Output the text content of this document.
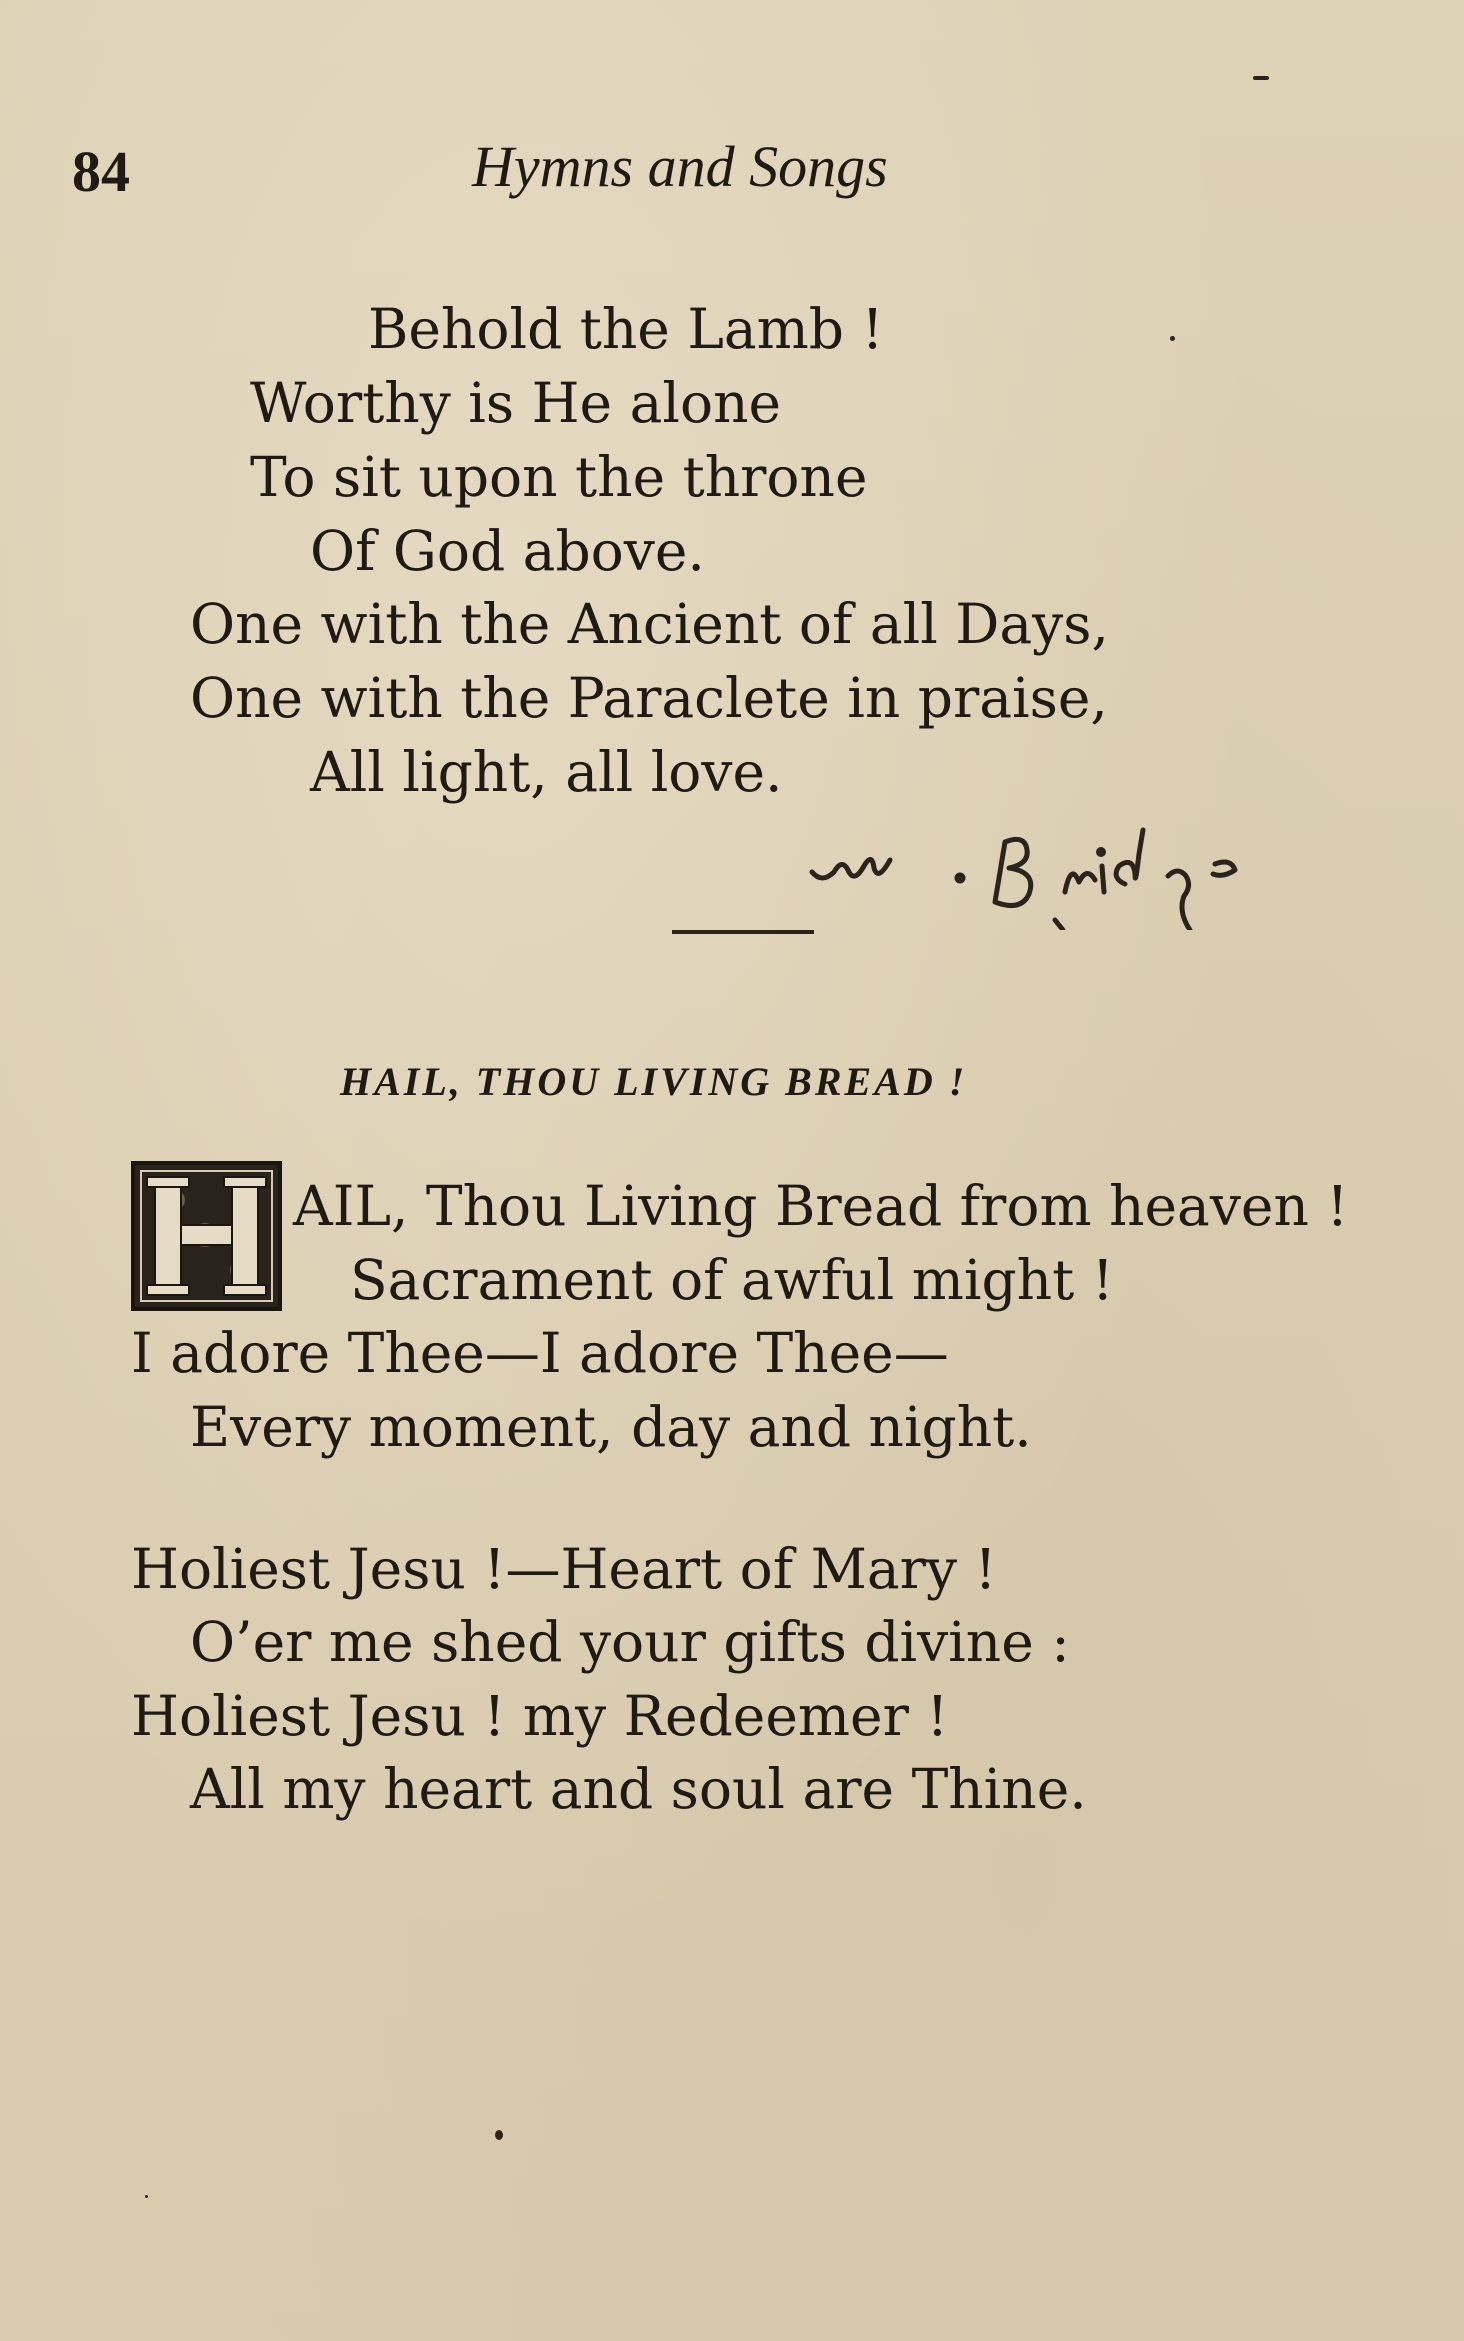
84	Hymns and Songs
Behold the Lamb !
Worthy is He alone
To sit upon the throne
Of God above.
One with the Ancient of all Days,
One with the Paraclete in praise,
All light, all love.
HAIL, THOU LIVING BREAD !
AIL, Thou Living Bread from heaven !
Sacrament of awful might !
I adore Thee—I adore Thee—
Every moment, day and night.
Holiest Jesu !—Heart of Mary !
O’er me shed your gifts divine :
Holiest Jesu ! my Redeemer !
All my heart and soul are Thine.
